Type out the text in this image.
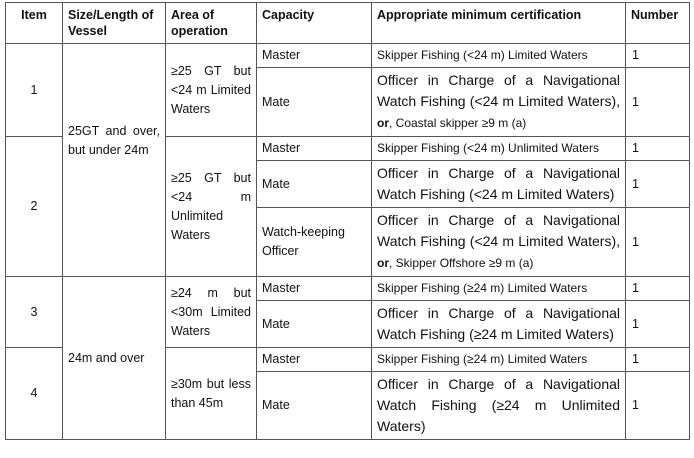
Item	Size/Length of Vessel	Area of operation	Capacity	Appropriate minimum certification	Number
1	25GT and over, but under 24m	≥25 GT but <24 m Limited Waters	Master	Skipper Fishing (<24 m) Limited Waters	1
			Mate	Officer in Charge of a Navigational Watch Fishing (<24 m Limited Waters), or, Coastal skipper ≥9 m (a)	1
2		≥25 GT but <24 m Unlimited Waters	Master	Skipper Fishing (<24 m) Unlimited Waters	1
			Mate	Officer in Charge of a Navigational Watch Fishing (<24 m Limited Waters)	1
			Watch-keeping Officer	Officer in Charge of a Navigational Watch Fishing (<24 m Limited Waters), or, Skipper Offshore ≥9 m (a)	1
3	24m and over	≥24 m but <30m Limited Waters	Master	Skipper Fishing (≥24 m) Limited Waters	1
			Mate	Officer in Charge of a Navigational Watch Fishing (≥24 m Limited Waters)	1
4		≥30m but less than 45m	Master	Skipper Fishing (≥24 m) Limited Waters	1
			Mate	Officer in Charge of a Navigational Watch Fishing (≥24 m Unlimited Waters)	1
